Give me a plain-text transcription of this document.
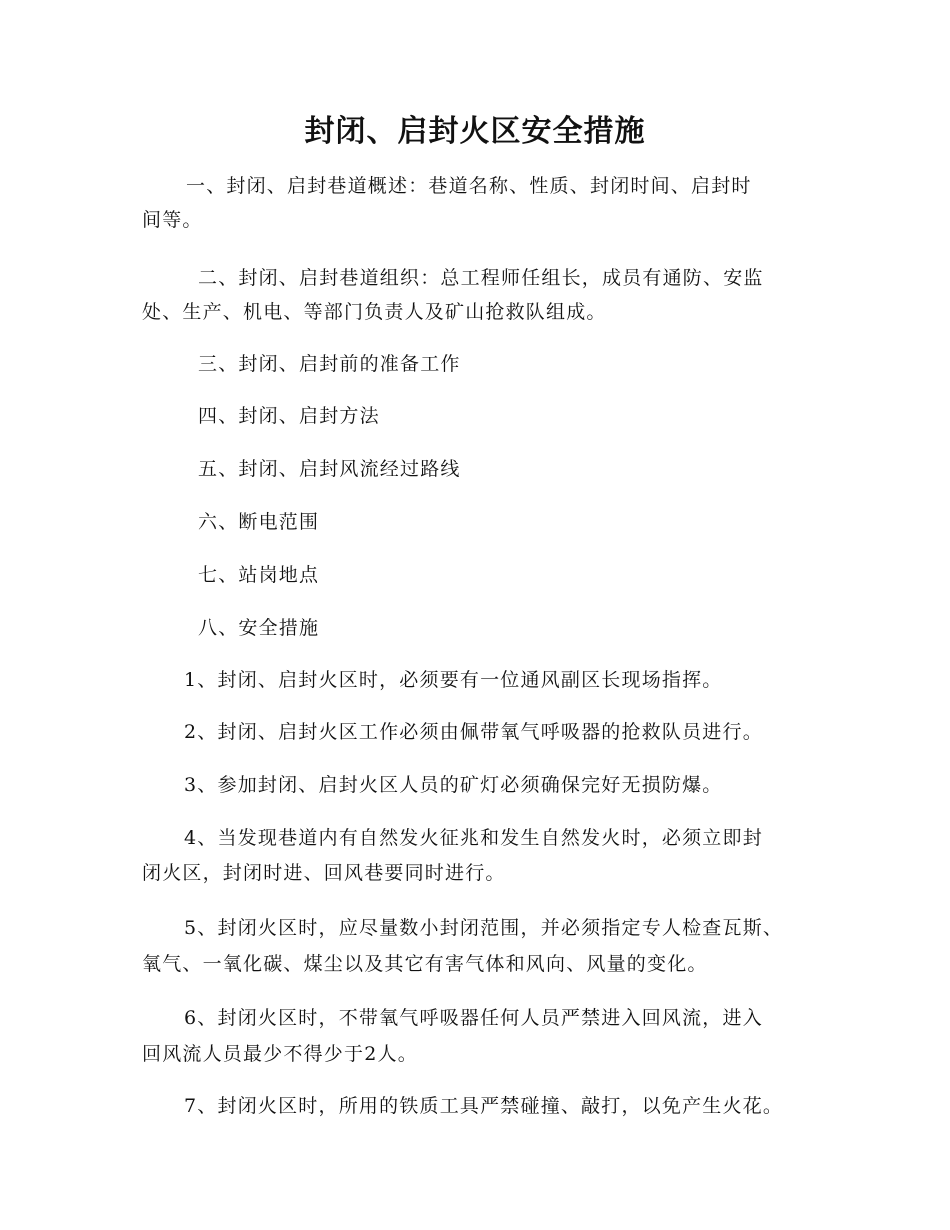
封闭、启封火区安全措施
一、封闭、启封巷道概述：巷道名称、性质、封闭时间、启封时
间等。
二、封闭、启封巷道组织：总工程师任组长，成员有通防、安监
处、生产、机电、等部门负责人及矿山抢救队组成。
三、封闭、启封前的准备工作
四、封闭、启封方法
五、封闭、启封风流经过路线
六、断电范围
七、站岗地点
八、安全措施
1、封闭、启封火区时，必须要有一位通风副区长现场指挥。
2、封闭、启封火区工作必须由佩带氧气呼吸器的抢救队员进行。
3、参加封闭、启封火区人员的矿灯必须确保完好无损防爆。
4、当发现巷道内有自然发火征兆和发生自然发火时，必须立即封
闭火区，封闭时进、回风巷要同时进行。
5、封闭火区时，应尽量数小封闭范围，并必须指定专人检查瓦斯、
氧气、一氧化碳、煤尘以及其它有害气体和风向、风量的变化。
6、封闭火区时，不带氧气呼吸器任何人员严禁进入回风流，进入
回风流人员最少不得少于2人。
7、封闭火区时，所用的铁质工具严禁碰撞、敲打，以免产生火花。
